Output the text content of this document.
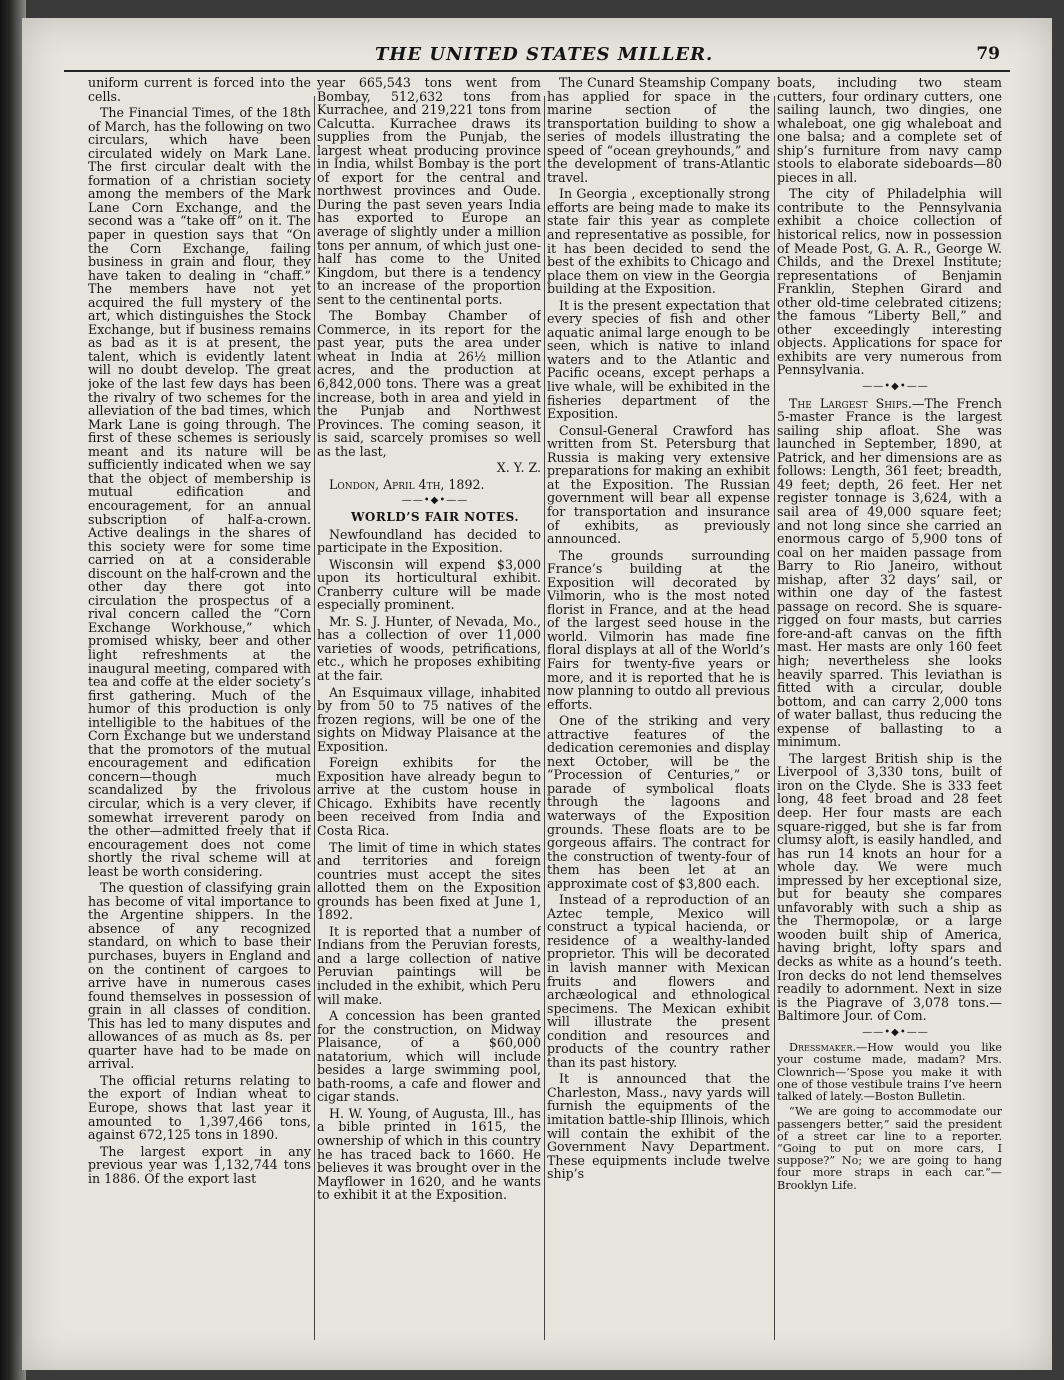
THE UNITED STATES MILLER.	79

uniform current is forced into the cells.

The Financial Times, of the 18th of March, has the following on two circulars, which have been circulated widely on Mark Lane. The first circular dealt with the formation of a christian society among the members of the Mark Lane Corn Exchange, and the second was a “take off” on it. The paper in question says that “On the Corn Exchange, failing business in grain and flour, they have taken to dealing in “chaff.” The members have not yet acquired the full mystery of the art, which distinguishes the Stock Exchange, but if business remains as bad as it is at present, the talent, which is evidently latent will no doubt develop. The great joke of the last few days has been the rivalry of two schemes for the alleviation of the bad times, which Mark Lane is going through. The first of these schemes is seriously meant and its nature will be sufficiently indicated when we say that the object of membership is mutual edification and encouragement, for an annual subscription of half-a-crown. Active dealings in the shares of this society were for some time carried on at a considerable discount on the half-crown and the other day there got into circulation the prospectus of a rival concern called the “Corn Exchange Workhouse,” which promised whisky, beer and other light refreshments at the inaugural meeting, compared with tea and coffe at the elder society’s first gathering. Much of the humor of this production is only intelligible to the habitues of the Corn Exchange but we understand that the promotors of the mutual encouragement and edification concern—though much scandalized by the frivolous circular, which is a very clever, if somewhat irreverent parody on the other—admitted freely that if encouragement does not come shortly the rival scheme will at least be worth considering.

The question of classifying grain has become of vital importance to the Argentine shippers. In the absence of any recognized standard, on which to base their purchases, buyers in England and on the continent of cargoes to arrive have in numerous cases found themselves in possession of grain in all classes of condition. This has led to many disputes and allowances of as much as 8s. per quarter have had to be made on arrival.

The official returns relating to the export of Indian wheat to Europe, shows that last year it amounted to 1,397,466 tons, against 672,125 tons in 1890.

The largest export in any previous year was 1,132,744 tons in 1886. Of the export last

year 665,543 tons went from Bombay, 512,632 tons from Kurrachee, and 219,221 tons from Calcutta. Kurrachee draws its supplies from the Punjab, the largest wheat producing province in India, whilst Bombay is the port of export for the central and northwest provinces and Oude. During the past seven years India has exported to Europe an average of slightly under a million tons per annum, of which just one-half has come to the United Kingdom, but there is a tendency to an increase of the proportion sent to the centinental ports.

The Bombay Chamber of Commerce, in its report for the past year, puts the area under wheat in India at 26½ million acres, and the production at 6,842,000 tons. There was a great increase, both in area and yield in the Punjab and Northwest Provinces. The coming season, it is said, scarcely promises so well as the last,

X. Y. Z.

London, April 4th, 1892.

——•◆•——

WORLD’S FAIR NOTES.

Newfoundland has decided to participate in the Exposition.

Wisconsin will expend $3,000 upon its horticultural exhibit. Cranberry culture will be made especially prominent.

Mr. S. J. Hunter, of Nevada, Mo., has a collection of over 11,000 varieties of woods, petrifications, etc., which he proposes exhibiting at the fair.

An Esquimaux village, inhabited by from 50 to 75 natives of the frozen regions, will be one of the sights on Midway Plaisance at the Exposition.

Foreign exhibits for the Exposition have already begun to arrive at the custom house in Chicago. Exhibits have recently been received from India and Costa Rica.

The limit of time in which states and territories and foreign countries must accept the sites allotted them on the Exposition grounds has been fixed at June 1, 1892.

It is reported that a number of Indians from the Peruvian forests, and a large collection of native Peruvian paintings will be included in the exhibit, which Peru will make.

A concession has been granted for the construction, on Midway Plaisance, of a $60,000 natatorium, which will include besides a large swimming pool, bath-rooms, a cafe and flower and cigar stands.

H. W. Young, of Augusta, Ill., has a bible printed in 1615, the ownership of which in this country he has traced back to 1660. He believes it was brought over in the Mayflower in 1620, and he wants to exhibit it at the Exposition.

The Cunard Steamship Company has applied for space in the marine section of the transportation building to show a series of models illustrating the speed of “ocean greyhounds,” and the development of trans-Atlantic travel.

In Georgia , exceptionally strong efforts are being made to make its state fair this year as complete and representative as possible, for it has been decided to send the best of the exhibits to Chicago and place them on view in the Georgia building at the Exposition.

It is the present expectation that every species of fish and other aquatic animal large enough to be seen, which is native to inland waters and to the Atlantic and Pacific oceans, except perhaps a live whale, will be exhibited in the fisheries department of the Exposition.

Consul-General Crawford has written from St. Petersburg that Russia is making very extensive preparations for making an exhibit at the Exposition. The Russian government will bear all expense for transportation and insurance of exhibits, as previously announced.

The grounds surrounding France’s building at the Exposition will decorated by Vilmorin, who is the most noted florist in France, and at the head of the largest seed house in the world. Vilmorin has made fine floral displays at all of the World’s Fairs for twenty-five years or more, and it is reported that he is now planning to outdo all previous efforts.

One of the striking and very attractive features of the dedication ceremonies and display next October, will be the “Procession of Centuries,” or parade of symbolical floats through the lagoons and waterways of the Exposition grounds. These floats are to be gorgeous affairs. The contract for the construction of twenty-four of them has been let at an approximate cost of $3,800 each.

Instead of a reproduction of an Aztec temple, Mexico will construct a typical hacienda, or residence of a wealthy-landed proprietor. This will be decorated in lavish manner with Mexican fruits and flowers and archæological and ethnological specimens. The Mexican exhibit will illustrate the present condition and resources and products of the country rather than its past history.

It is announced that the Charleston, Mass., navy yards will furnish the equipments of the imitation battle-ship Illinois, which will contain the exhibit of the Government Navy Department. These equipments include twelve ship’s

boats, including two steam cutters, four ordinary cutters, one sailing launch, two dingies, one whaleboat, one gig whaleboat and one balsa; and a complete set of ship’s furniture from navy camp stools to elaborate sideboards—80 pieces in all.

The city of Philadelphia will contribute to the Pennsylvania exhibit a choice collection of historical relics, now in possession of Meade Post, G. A. R., George W. Childs, and the Drexel Institute; representations of Benjamin Franklin, Stephen Girard and other old-time celebrated citizens; the famous “Liberty Bell,” and other exceedingly interesting objects. Applications for space for exhibits are very numerous from Pennsylvania.

——•◆•——

The Largest Ships.—The French 5-master France is the largest sailing ship afloat. She was launched in September, 1890, at Patrick, and her dimensions are as follows: Length, 361 feet; breadth, 49 feet; depth, 26 feet. Her net register tonnage is 3,624, with a sail area of 49,000 square feet; and not long since she carried an enormous cargo of 5,900 tons of coal on her maiden passage from Barry to Rio Janeiro, without mishap, after 32 days’ sail, or within one day of the fastest passage on record. She is square-rigged on four masts, but carries fore-and-aft canvas on the fifth mast. Her masts are only 160 feet high; nevertheless she looks heavily sparred. This leviathan is fitted with a circular, double bottom, and can carry 2,000 tons of water ballast, thus reducing the expense of ballasting to a minimum.

The largest British ship is the Liverpool of 3,330 tons, built of iron on the Clyde. She is 333 feet long, 48 feet broad and 28 feet deep. Her four masts are each square-rigged, but she is far from clumsy aloft, is easily handled, and has run 14 knots an hour for a whole day. We were much impressed by her exceptional size, but for beauty she compares unfavorably with such a ship as the Thermopolæ, or a large wooden built ship of America, having bright, lofty spars and decks as white as a hound’s teeth. Iron decks do not lend themselves readily to adornment. Next in size is the Piagrave of 3,078 tons.—Baltimore Jour. of Com.

——•◆•——

Dressmaker.—How would you like your costume made, madam? Mrs. Clownrich—’Spose you make it with one of those vestibule trains I’ve heern talked of lately.—Boston Bulletin.

“We are going to accommodate our passengers better,” said the president of a street car line to a reporter. “Going to put on more cars, I suppose?” No; we are going to hang four more straps in each car.”—Brooklyn Life.
